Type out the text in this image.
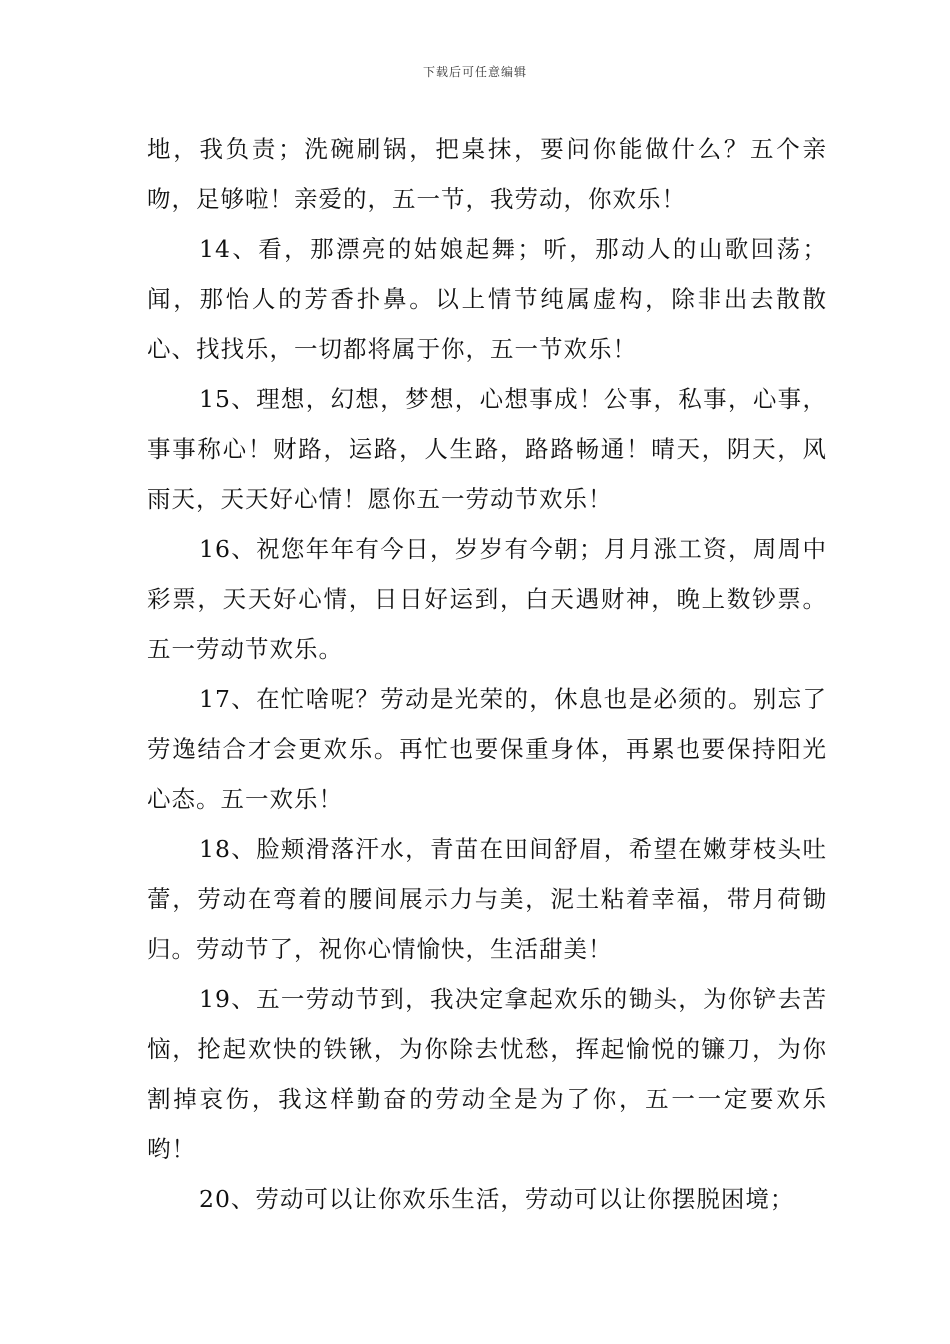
下载后可任意编辑

地，我负责；洗碗刷锅，把桌抹，要问你能做什么？五个亲吻，足够啦！亲爱的，五一节，我劳动，你欢乐！

14、看，那漂亮的姑娘起舞；听，那动人的山歌回荡；闻，那怡人的芳香扑鼻。以上情节纯属虚构，除非出去散散心、找找乐，一切都将属于你，五一节欢乐！

15、理想，幻想，梦想，心想事成！公事，私事，心事，事事称心！财路，运路，人生路，路路畅通！晴天，阴天，风雨天，天天好心情！愿你五一劳动节欢乐！

16、祝您年年有今日，岁岁有今朝；月月涨工资，周周中彩票，天天好心情，日日好运到，白天遇财神，晚上数钞票。五一劳动节欢乐。

17、在忙啥呢？劳动是光荣的，休息也是必须的。别忘了劳逸结合才会更欢乐。再忙也要保重身体，再累也要保持阳光心态。五一欢乐！

18、脸颊滑落汗水，青苗在田间舒眉，希望在嫩芽枝头吐蕾，劳动在弯着的腰间展示力与美，泥土粘着幸福，带月荷锄归。劳动节了，祝你心情愉快，生活甜美！

19、五一劳动节到，我决定拿起欢乐的锄头，为你铲去苦恼，抡起欢快的铁锹，为你除去忧愁，挥起愉悦的镰刀，为你割掉哀伤，我这样勤奋的劳动全是为了你，五一一定要欢乐哟！

20、劳动可以让你欢乐生活，劳动可以让你摆脱困境；
